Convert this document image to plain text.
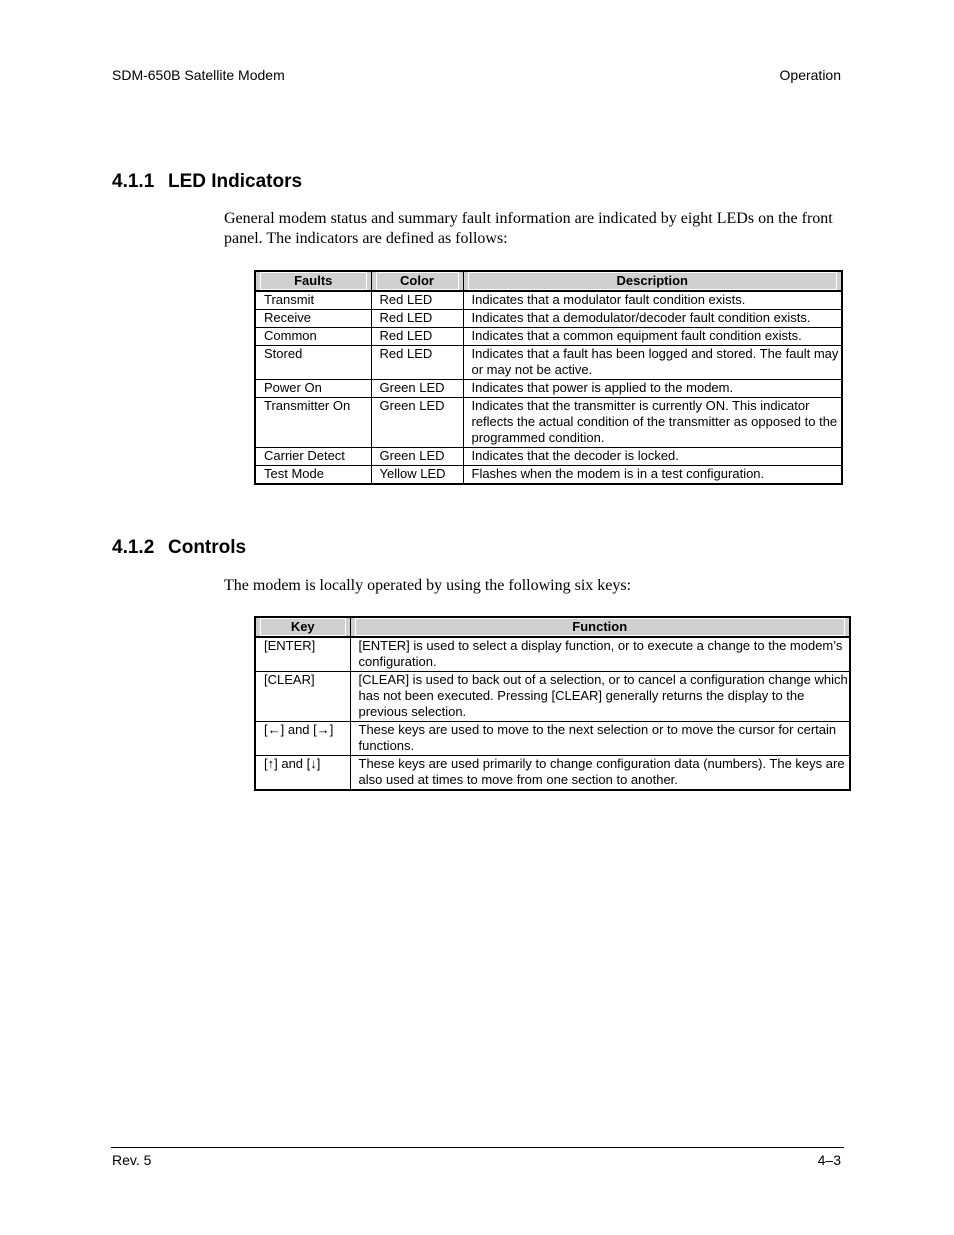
SDM-650B Satellite Modem	Operation
4.1.1 LED Indicators

General modem status and summary fault information are indicated by eight LEDs on the front panel. The indicators are defined as follows:

Faults	Color	Description

Transmit	Red LED	Indicates that a modulator fault condition exists.
Receive	Red LED	Indicates that a demodulator/decoder fault condition exists.
Common	Red LED	Indicates that a common equipment fault condition exists.
Stored	Red LED	Indicates that a fault has been logged and stored. The fault may or may not be active.
Power On	Green LED	Indicates that power is applied to the modem.
Transmitter On	Green LED	Indicates that the transmitter is currently ON. This indicator reflects the actual condition of the transmitter as opposed to the programmed condition.
Carrier Detect	Green LED	Indicates that the decoder is locked.
Test Mode	Yellow LED	Flashes when the modem is in a test configuration.
4.1.2 Controls

The modem is locally operated by using the following six keys:

Key	Function

[ENTER]	[ENTER] is used to select a display function, or to execute a change to the modem’s configuration.
[CLEAR]	[CLEAR] is used to back out of a selection, or to cancel a configuration change which has not been executed. Pressing [CLEAR] generally returns the display to the previous selection.
[←] and [→]	These keys are used to move to the next selection or to move the cursor for certain functions.
[↑] and [↓]	These keys are used primarily to change configuration data (numbers). The keys are also used at times to move from one section to another.
Rev. 5	4–3
